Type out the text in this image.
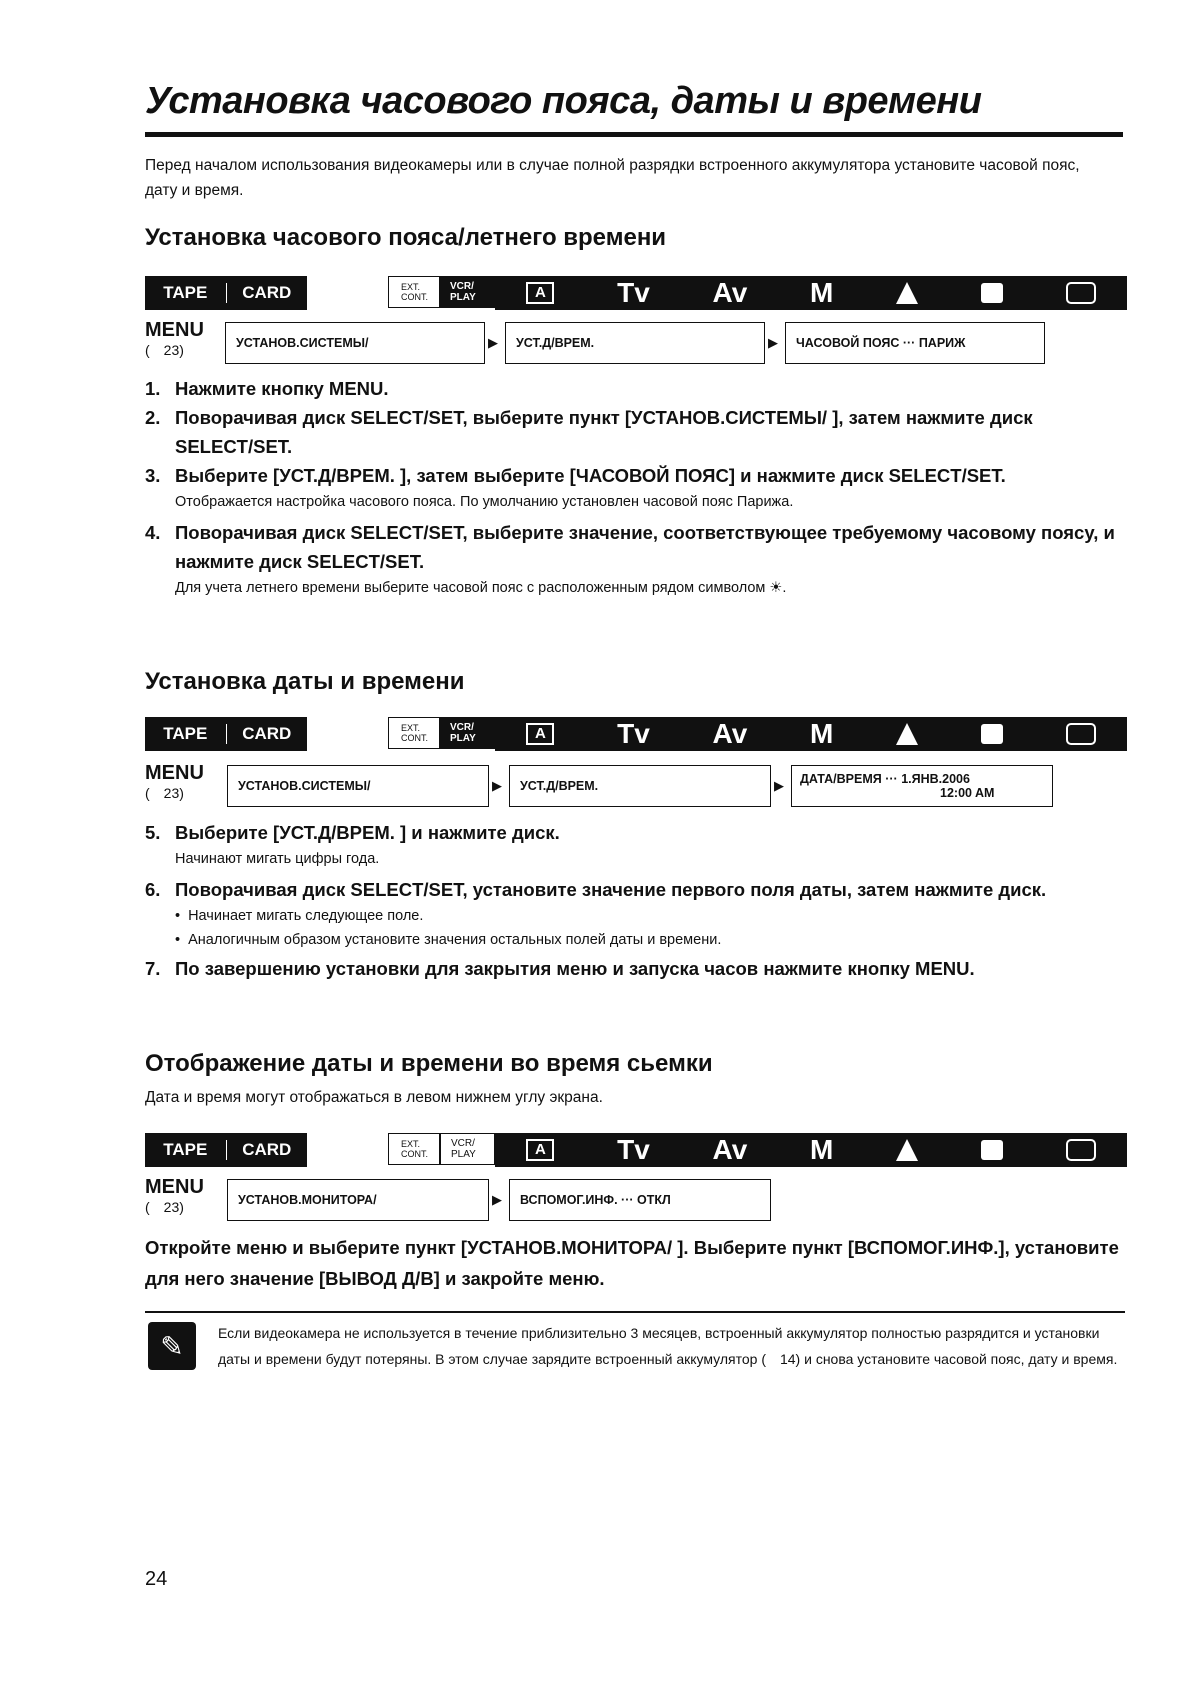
Установка часового пояса, даты и времени
Перед началом использования видеокамеры или в случае полной разрядки встроенного аккумулятора установите часовой пояс, дату и время.
Установка часового пояса/летнего времени
TAPE	CARD	EXT.
CONT.
VCR/
PLAY	A	Tv Av M
MENU
(  23)	УСТАНОВ.СИСТЕМЫ/	▶	УСТ.Д/ВРЕМ.	▶	ЧАСОВОЙ ПОЯС ··· ПАРИЖ
1. Нажмите кнопку MENU.
2. Поворачивая диск SELECT/SET, выберите пункт [УСТАНОВ.СИСТЕМЫ/ ], затем нажмите диск SELECT/SET.
3. Выберите [УСТ.Д/ВРЕМ. ], затем выберите [ЧАСОВОЙ ПОЯС] и нажмите диск SELECT/SET.
Отображается настройка часового пояса. По умолчанию установлен часовой пояс Парижа.
4. Поворачивая диск SELECT/SET, выберите значение, соответствующее требуемому часовому поясу, и нажмите диск SELECT/SET.
Для учета летнего времени выберите часовой пояс с расположенным рядом символом ☀.
Установка даты и времени
TAPE	CARD	EXT.
CONT.
VCR/
PLAY	A	Tv Av M
MENU
(  23)	УСТАНОВ.СИСТЕМЫ/	▶	УСТ.Д/ВРЕМ.	▶	ДАТА/ВРЕМЯ ··· 1.ЯНВ.2006
12:00 AM
5. Выберите [УСТ.Д/ВРЕМ. ] и нажмите диск.
Начинают мигать цифры года.
6. Поворачивая диск SELECT/SET, установите значение первого поля даты, затем нажмите диск.
• Начинает мигать следующее поле.
• Аналогичным образом установите значения остальных полей даты и времени.
7. По завершению установки для закрытия меню и запуска часов нажмите кнопку MENU.
Отображение даты и времени во время сьемки
Дата и время могут отображаться в левом нижнем углу экрана.
TAPE	CARD	EXT.
CONT.
VCR/
PLAY	A	Tv Av M
MENU
(  23)	УСТАНОВ.МОНИТОРА/	▶	ВСПОМОГ.ИНФ. ··· ОТКЛ
Откройте меню и выберите пункт [УСТАНОВ.МОНИТОРА/ ]. Выберите пункт [ВСПОМОГ.ИНФ.], установите для него значение [ВЫВОД Д/В] и закройте меню.
✎	Если видеокамера не используется в течение приблизительно 3 месяцев, встроенный аккумулятор полностью разрядится и установки даты и времени будут потеряны. В этом случае зарядите встроенный аккумулятор (  14) и снова установите часовой пояс, дату и время.
24
